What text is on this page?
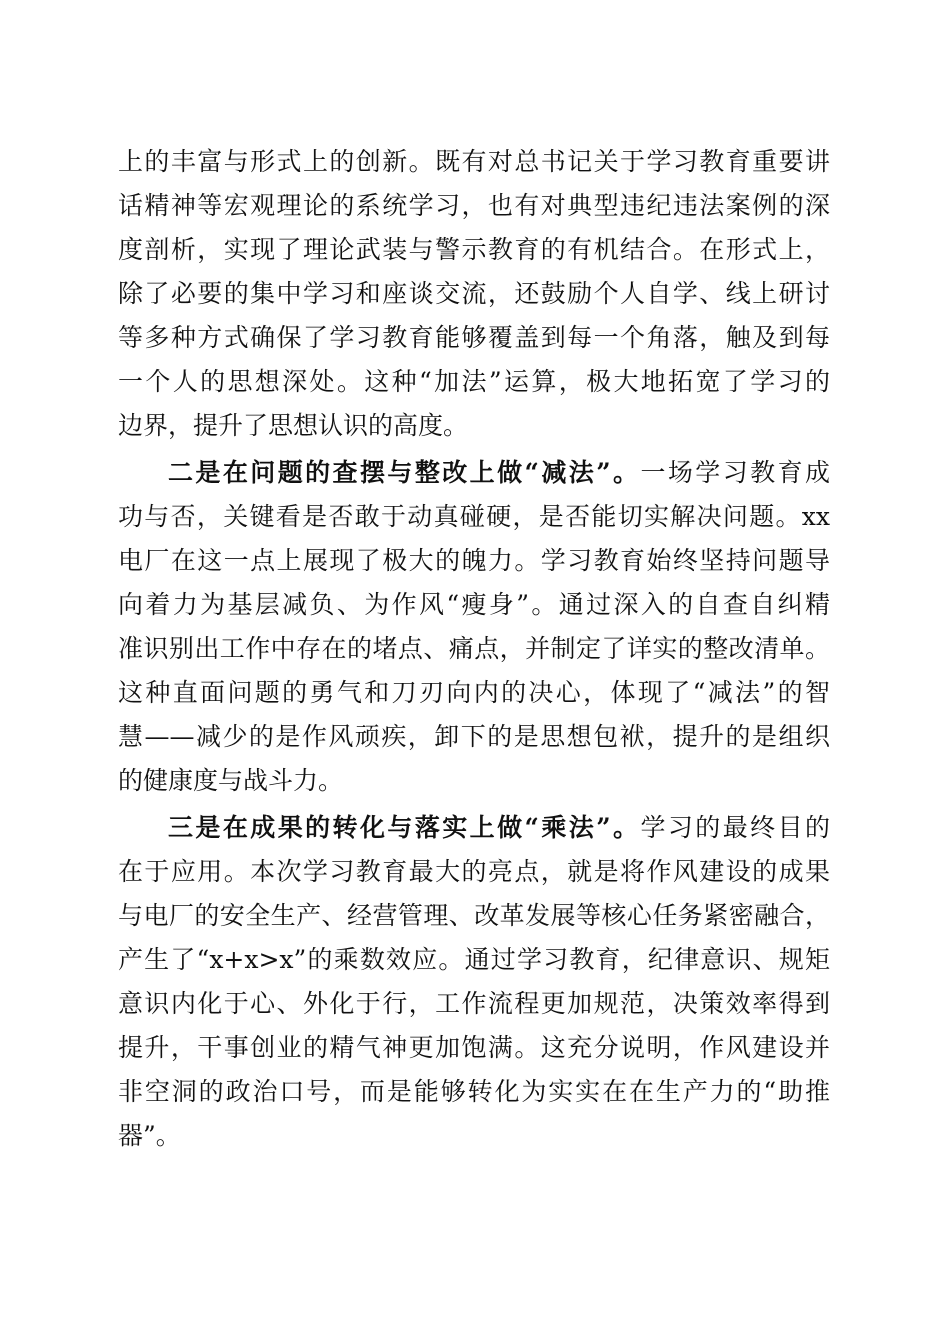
上的丰富与形式上的创新。既有对总书记关于学习教育重要讲
话精神等宏观理论的系统学习，也有对典型违纪违法案例的深
度剖析，实现了理论武装与警示教育的有机结合。在形式上，
除了必要的集中学习和座谈交流，还鼓励个人自学、线上研讨
等多种方式确保了学习教育能够覆盖到每一个角落，触及到每
一个人的思想深处。这种“加法”运算，极大地拓宽了学习的
边界，提升了思想认识的高度。
二是在问题的查摆与整改上做“减法”。一场学习教育成
功与否，关键看是否敢于动真碰硬，是否能切实解决问题。xx
电厂在这一点上展现了极大的魄力。学习教育始终坚持问题导
向着力为基层减负、为作风“瘦身”。通过深入的自查自纠精
准识别出工作中存在的堵点、痛点，并制定了详实的整改清单。
这种直面问题的勇气和刀刃向内的决心，体现了“减法”的智
慧——减少的是作风顽疾，卸下的是思想包袱，提升的是组织
的健康度与战斗力。
三是在成果的转化与落实上做“乘法”。学习的最终目的
在于应用。本次学习教育最大的亮点，就是将作风建设的成果
与电厂的安全生产、经营管理、改革发展等核心任务紧密融合，
产生了“x+x>x”的乘数效应。通过学习教育，纪律意识、规矩
意识内化于心、外化于行，工作流程更加规范，决策效率得到
提升，干事创业的精气神更加饱满。这充分说明，作风建设并
非空洞的政治口号，而是能够转化为实实在在生产力的“助推
器”。
